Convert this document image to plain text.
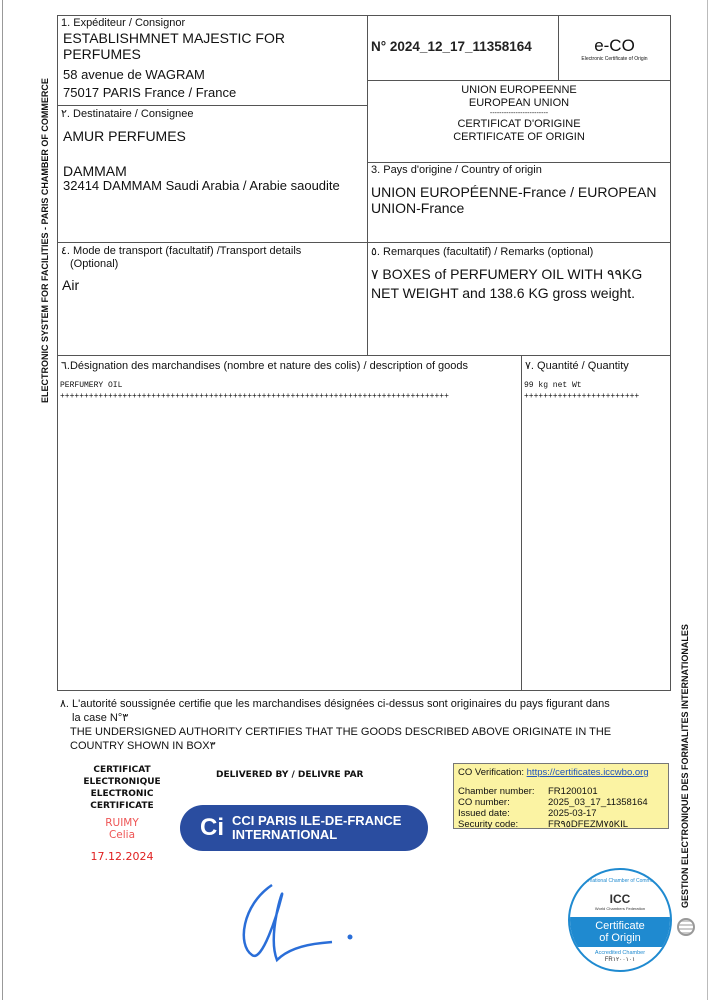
ELECTRONIC SYSTEM FOR FACILITIES - PARIS CHAMBER OF COMMERCE
GESTION ELECTRONIQUE DES FORMALITES INTERNATIONALES
1. Expéditeur / Consignor
ESTABLISHMNET MAJESTIC FOR PERFUMES
58 avenue de WAGRAM
75017 PARIS France / France
N° 2024_12_17_11358164	e-CO
Electronic Certificate of Origin
UNION EUROPEENNE
EUROPEAN UNION
-------------------------
CERTIFICAT D'ORIGINE
CERTIFICATE OF ORIGIN
٢. Destinataire / Consignee
AMUR PERFUMES
DAMMAM
32414 DAMMAM Saudi Arabia / Arabie saoudite
3. Pays d'origine / Country of origin
UNION EUROPÉENNE-France / EUROPEAN UNION-France
٤. Mode de transport (facultatif) /Transport details
(Optional)
Air
٥. Remarques (facultatif) / Remarks (optional)
٧ BOXES of PERFUMERY OIL WITH ٩٩KG NET WEIGHT and 138.6 KG gross weight.
٦.Désignation des marchandises (nombre et nature des colis) / description of goods
PERFUMERY OIL
+++++++++++++++++++++++++++++++++++++++++++++++++++++++++++++++++++++++++++++++++
٧. Quantité / Quantity
99 kg net Wt
++++++++++++++++++++++++
٨. L'autorité soussignée certifie que les marchandises désignées ci-dessus sont originaires du pays figurant dans
la case N°٣
THE UNDERSIGNED AUTHORITY CERTIFIES THAT THE GOODS DESCRIBED ABOVE ORIGINATE IN THE COUNTRY SHOWN IN BOX٣
CERTIFICAT
ELECTRONIQUE
ELECTRONIC
CERTIFICATE
RUIMY
Celia
17.12.2024
DELIVERED BY / DELIVRE PAR
Ci CCI PARIS ILE-DE-FRANCE
INTERNATIONAL
CO Verification: https://certificates.iccwbo.org
Chamber number:	FR1200101
CO number:	2025_03_17_11358164
Issued date:	2025-03-17
Security code:	FR٩٥DFEZM٧٥KIL
International Chamber of Commerce
ICC
World Chambers Federation
Certificate
of Origin
Accredited Chamber
FR١٢٠٠١٠١
